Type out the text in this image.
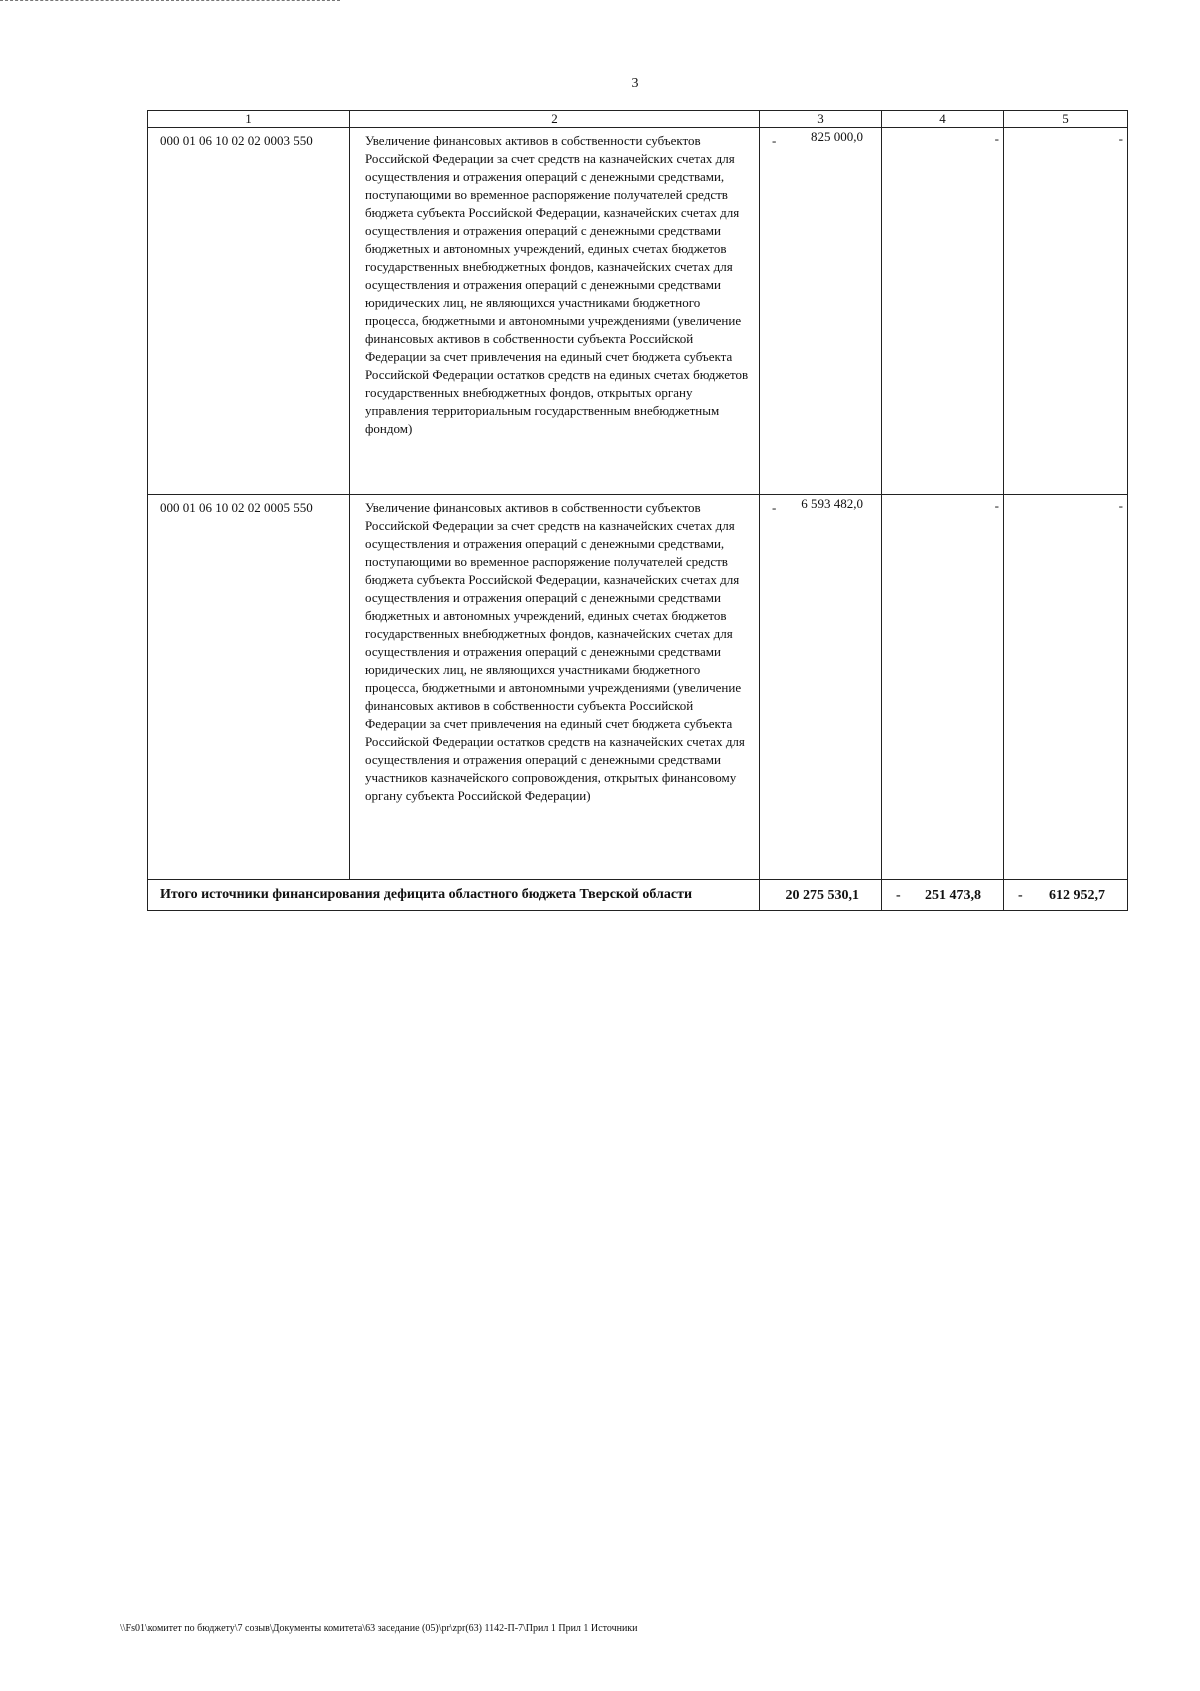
3
1	2	3	4	5

000 01 06 10 02 02 0003 550	Увеличение финансовых активов в собственности субъектов Российской Федерации за счет средств на казначейских счетах для осуществления и отражения операций с денежными средствами, поступающими во временное распоряжение получателей средств бюджета субъекта Российской Федерации, казначейских счетах для осуществления и отражения операций с денежными средствами бюджетных и автономных учреждений, единых счетах бюджетов государственных внебюджетных фондов, казначейских счетах для осуществления и отражения операций с денежными средствами юридических лиц, не являющихся участниками бюджетного процесса, бюджетными и автономными учреждениями (увеличение финансовых активов в собственности субъекта Российской Федерации за счет привлечения на единый счет бюджета субъекта Российской Федерации остатков средств на единых счетах бюджетов государственных внебюджетных фондов, открытых органу управления территориальным государственным внебюджетным фондом)	- 825 000,0	-	-

000 01 06 10 02 02 0005 550	Увеличение финансовых активов в собственности субъектов Российской Федерации за счет средств на казначейских счетах для осуществления и отражения операций с денежными средствами, поступающими во временное распоряжение получателей средств бюджета субъекта Российской Федерации, казначейских счетах для осуществления и отражения операций с денежными средствами бюджетных и автономных учреждений, единых счетах бюджетов государственных внебюджетных фондов, казначейских счетах для осуществления и отражения операций с денежными средствами юридических лиц, не являющихся участниками бюджетного процесса, бюджетными и автономными учреждениями (увеличение финансовых активов в собственности субъекта Российской Федерации за счет привлечения на единый счет бюджета субъекта Российской Федерации остатков средств на казначейских счетах для осуществления и отражения операций с денежными средствами участников казначейского сопровождения, открытых финансовому органу субъекта Российской Федерации)	- 6 593 482,0	-	-

Итого источники финансирования дефицита областного бюджета Тверской области		20 275 530,1	- 251 473,8	- 612 952,7
\\Fs01\комитет по бюджету\7 созыв\Документы комитета\63 заседание (05)\pr\zpr(63) 1142-П-7\Прил 1 Прил 1 Источники
